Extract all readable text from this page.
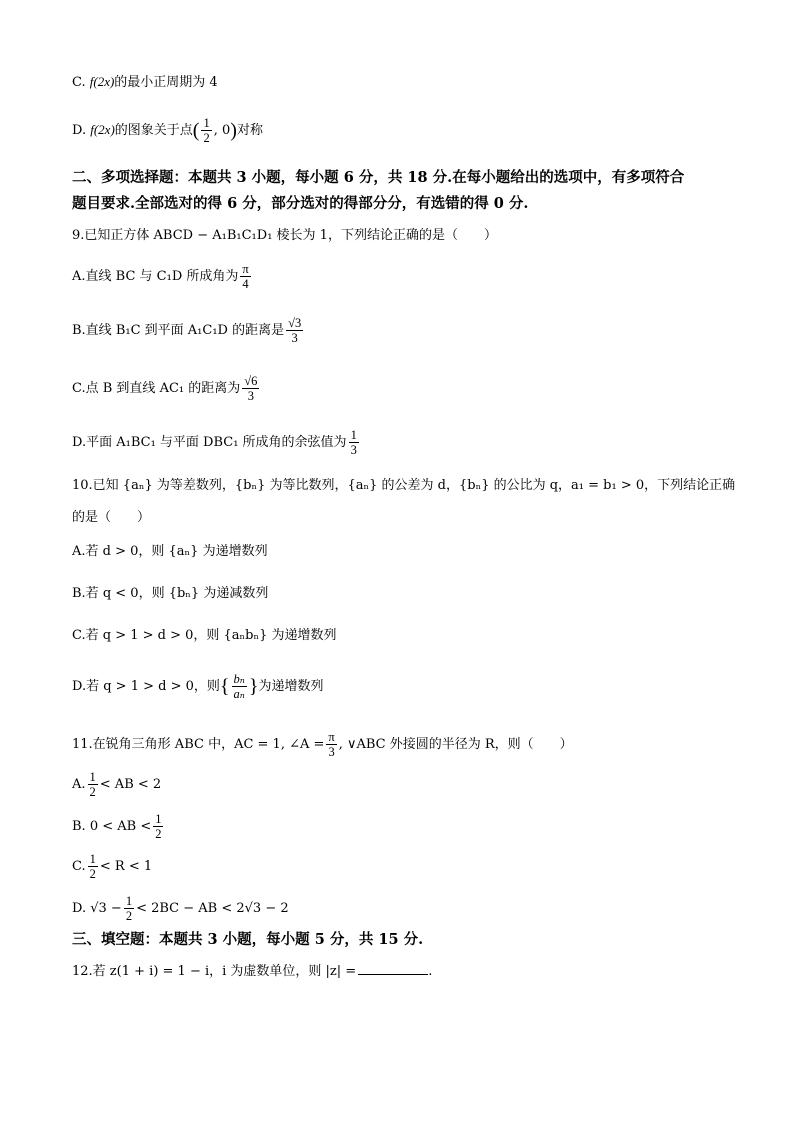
C. f(2x)的最小正周期为 4
D. f(2x)的图象关于点( $\frac{1}{2}$ , 0)对称
二、多项选择题：本题共 3 小题，每小题 6 分，共 18 分.在每小题给出的选项中，有多项符合
题目要求.全部选对的得 6 分，部分选对的得部分分，有选错的得 0 分.
9.已知正方体 ABCD − A₁B₁C₁D₁ 棱长为 1，下列结论正确的是（　　）
A.直线 BC 与 C₁D 所成角为 $\frac{\pi}{4}$
B.直线 B₁C 到平面 A₁C₁D 的距离是 $\frac{√3}{3}$
C.点 B 到直线 AC₁ 的距离为 $\frac{√6}{3}$
D.平面 A₁BC₁ 与平面 DBC₁ 所成角的余弦值为 $\frac{1}{3}$
10.已知 {aₙ} 为等差数列，{bₙ} 为等比数列，{aₙ} 的公差为 d，{bₙ} 的公比为 q，a₁ = b₁ > 0，下列结论正确
的是（　　）
A.若 d > 0，则 {aₙ} 为递增数列
B.若 q < 0，则 {bₙ} 为递减数列
C.若 q > 1 > d > 0，则 {aₙbₙ} 为递增数列
D.若 q > 1 > d > 0，则{ $\frac{\text{bₙ}}{\text{aₙ}}$ }为递增数列
11.在锐角三角形 ABC 中，AC = 1, ∠A = $\frac{\pi}{3}$ , ∨ABC 外接圆的半径为 R，则（　　）
A. $\frac{1}{2}$ < AB < 2
B. 0 < AB < $\frac{1}{2}$
C. $\frac{1}{2} < R < 1$
D. $√3 - \frac{1}{2} < 2BC$ − AB < 2√3 − 2
三、填空题：本题共 3 小题，每小题 5 分，共 15 分.
12.若 z(1 + i) = 1 − i，i 为虚数单位，则 |z| =	.
